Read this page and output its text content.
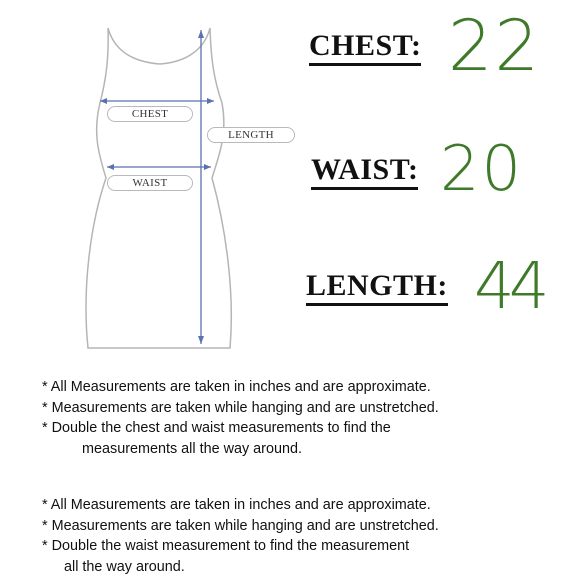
CHEST
LENGTH
WAIST
CHEST:
WAIST:
LENGTH:
22
20
44
* All Measurements are taken in inches and are approximate.
* Measurements are taken while hanging and are unstretched.
* Double the chest and waist measurements to find the
measurements all the way around.
* All Measurements are taken in inches and are approximate.
* Measurements are taken while hanging and are unstretched.
* Double the waist measurement to find the measurement
all the way around.
